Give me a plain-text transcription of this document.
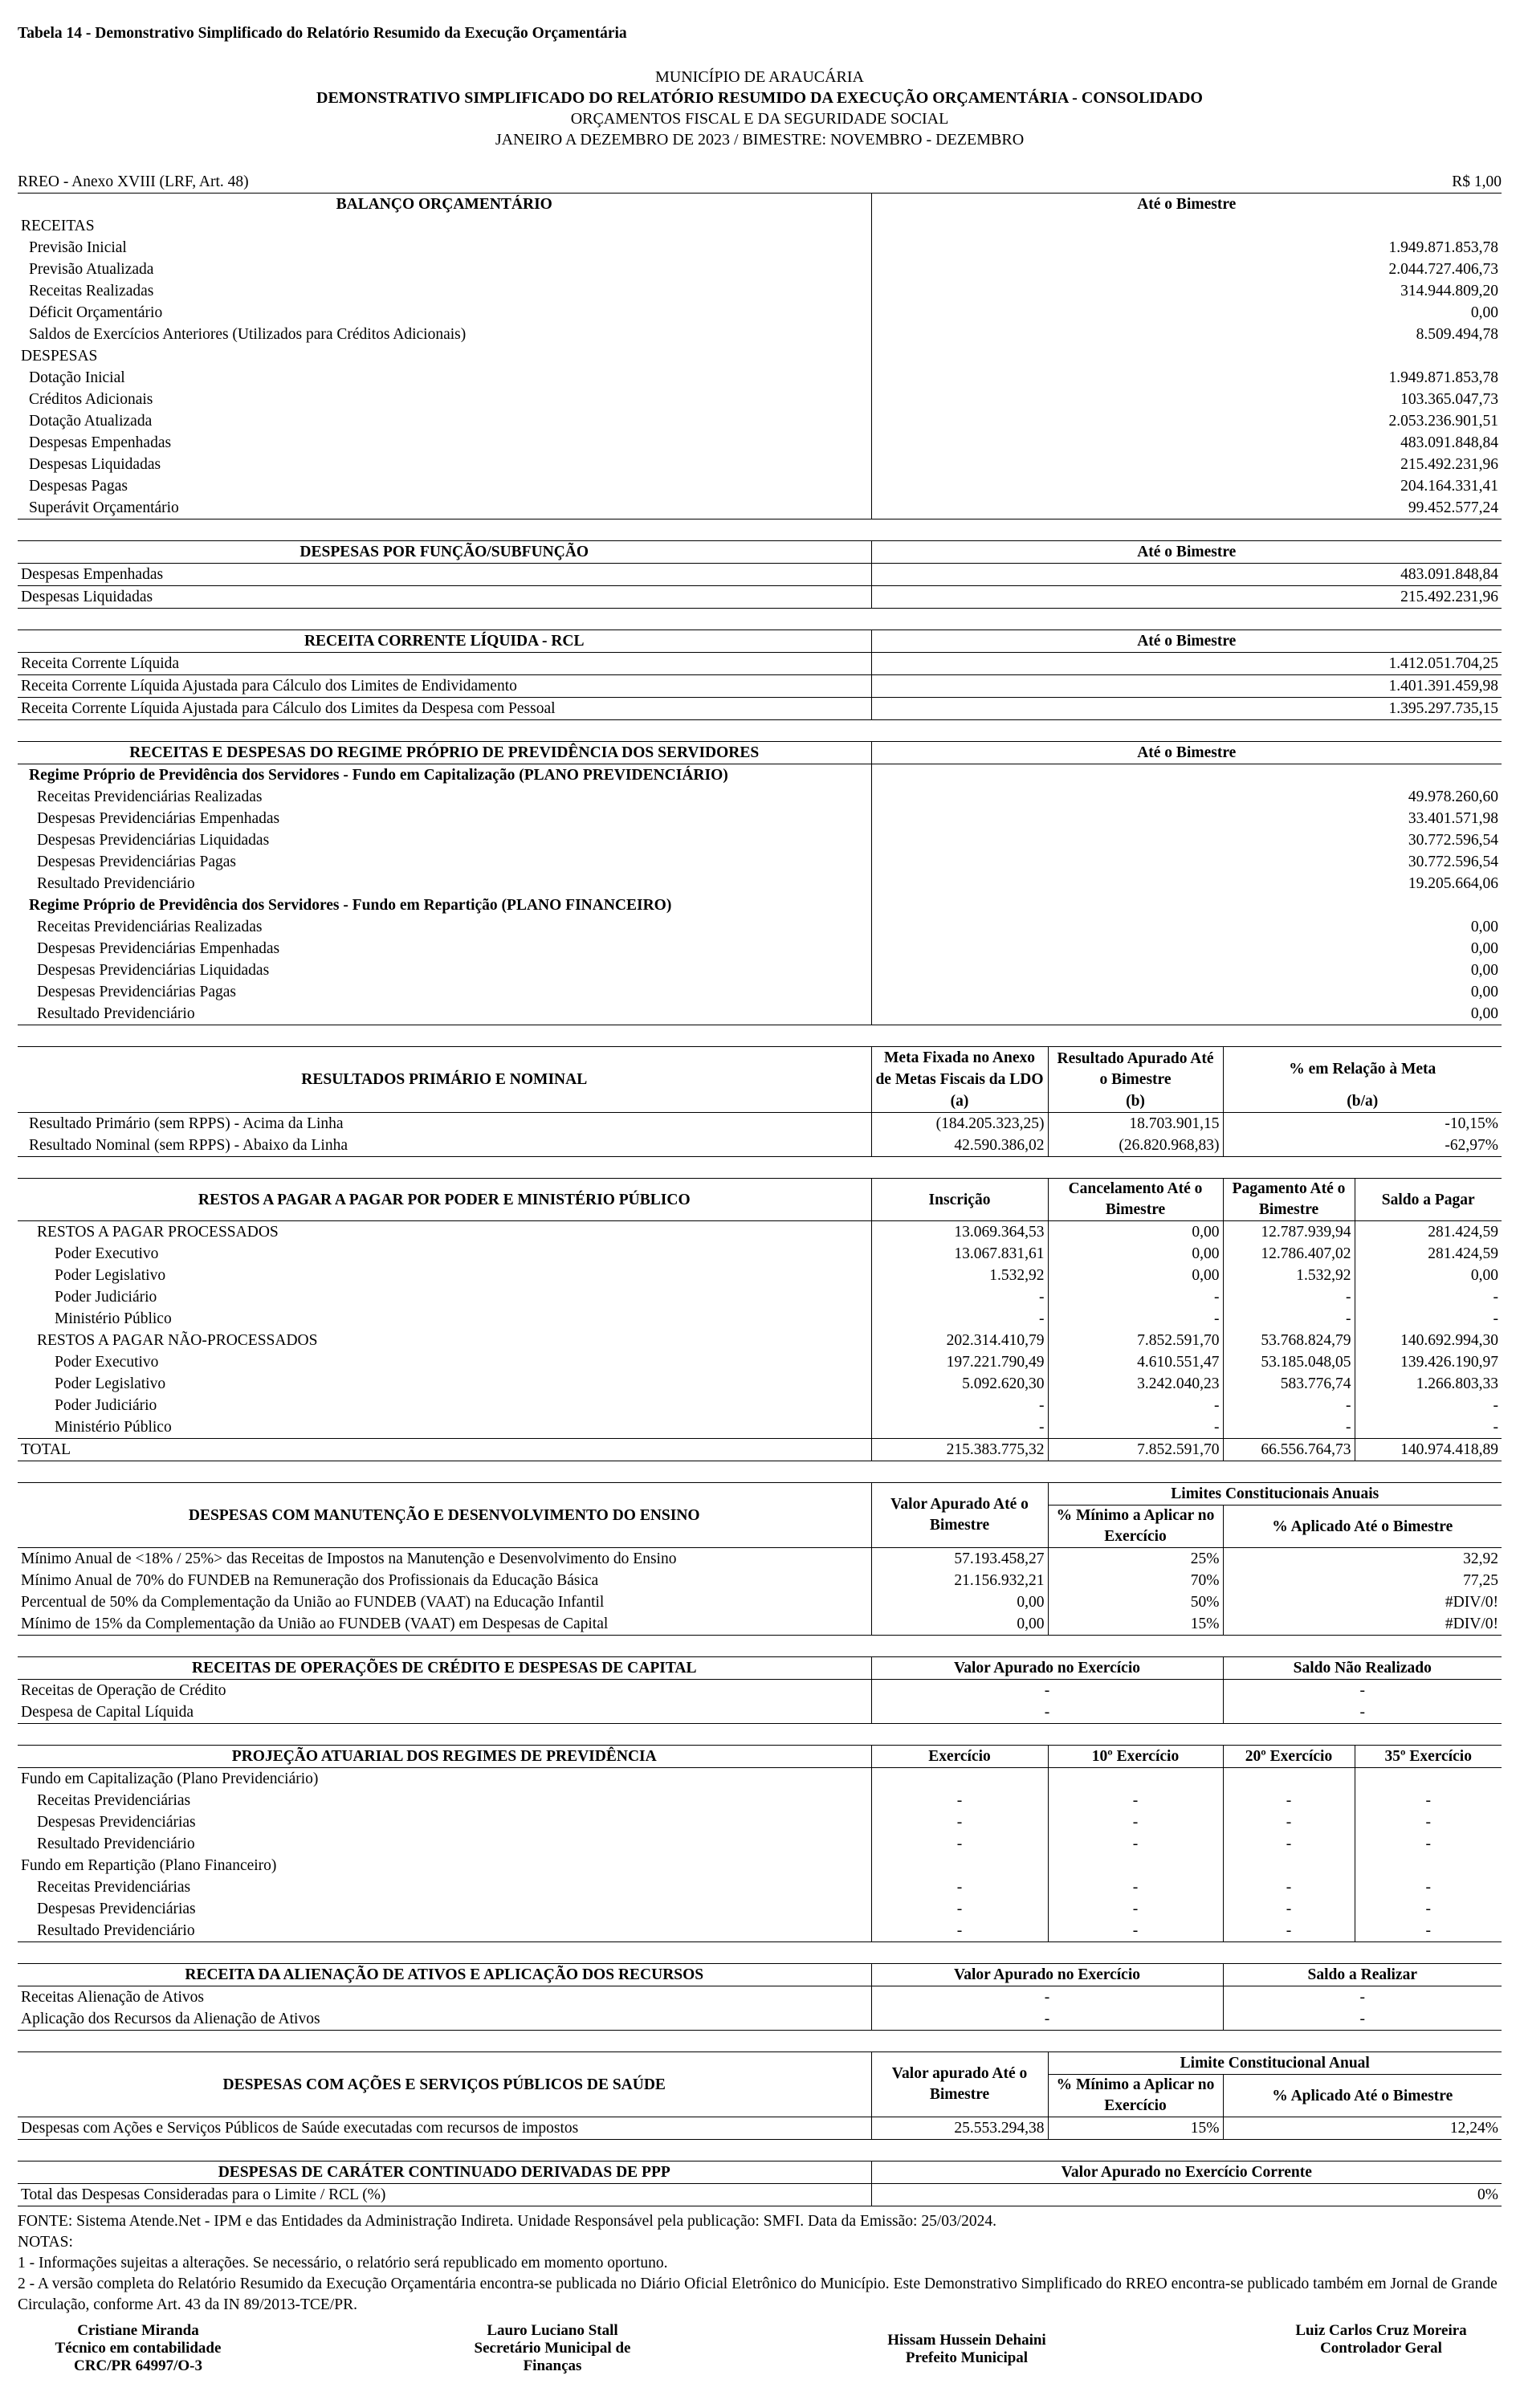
Tabela 14 - Demonstrativo Simplificado do Relatório Resumido da Execução Orçamentária
MUNICÍPIO DE ARAUCÁRIA
DEMONSTRATIVO SIMPLIFICADO DO RELATÓRIO RESUMIDO DA EXECUÇÃO ORÇAMENTÁRIA - CONSOLIDADO
ORÇAMENTOS FISCAL E DA SEGURIDADE SOCIAL
JANEIRO A DEZEMBRO DE 2023 / BIMESTRE: NOVEMBRO - DEZEMBRO
RREO - Anexo XVIII (LRF, Art. 48)	R$ 1,00
BALANÇO ORÇAMENTÁRIO	Até o Bimestre
RECEITAS	
Previsão Inicial	1.949.871.853,78
Previsão Atualizada	2.044.727.406,73
Receitas Realizadas	314.944.809,20
Déficit Orçamentário	0,00
Saldos de Exercícios Anteriores (Utilizados para Créditos Adicionais)	8.509.494,78
DESPESAS	
Dotação Inicial	1.949.871.853,78
Créditos Adicionais	103.365.047,73
Dotação Atualizada	2.053.236.901,51
Despesas Empenhadas	483.091.848,84
Despesas Liquidadas	215.492.231,96
Despesas Pagas	204.164.331,41
Superávit Orçamentário	99.452.577,24
DESPESAS POR FUNÇÃO/SUBFUNÇÃO	Até o Bimestre
Despesas Empenhadas	483.091.848,84
Despesas Liquidadas	215.492.231,96
RECEITA CORRENTE LÍQUIDA - RCL	Até o Bimestre
Receita Corrente Líquida	1.412.051.704,25
Receita Corrente Líquida Ajustada para Cálculo dos Limites de Endividamento	1.401.391.459,98
Receita Corrente Líquida Ajustada para Cálculo dos Limites da Despesa com Pessoal	1.395.297.735,15
RECEITAS E DESPESAS DO REGIME PRÓPRIO DE PREVIDÊNCIA DOS SERVIDORES	Até o Bimestre
Regime Próprio de Previdência dos Servidores - Fundo em Capitalização (PLANO PREVIDENCIÁRIO)	
Receitas Previdenciárias Realizadas	49.978.260,60
Despesas Previdenciárias Empenhadas	33.401.571,98
Despesas Previdenciárias Liquidadas	30.772.596,54
Despesas Previdenciárias Pagas	30.772.596,54
Resultado Previdenciário	19.205.664,06
Regime Próprio de Previdência dos Servidores - Fundo em Repartição (PLANO FINANCEIRO)	
Receitas Previdenciárias Realizadas	0,00
Despesas Previdenciárias Empenhadas	0,00
Despesas Previdenciárias Liquidadas	0,00
Despesas Previdenciárias Pagas	0,00
Resultado Previdenciário	0,00
RESULTADOS PRIMÁRIO E NOMINAL	Meta Fixada no Anexo de Metas Fiscais da LDO	Resultado Apurado Até o Bimestre	% em Relação à Meta
	(a)	(b)	(b/a)
Resultado Primário (sem RPPS) - Acima da Linha	(184.205.323,25)	18.703.901,15	-10,15%
Resultado Nominal (sem RPPS) - Abaixo da Linha	42.590.386,02	(26.820.968,83)	-62,97%
RESTOS A PAGAR A PAGAR POR PODER E MINISTÉRIO PÚBLICO	Inscrição	Cancelamento Até o Bimestre	Pagamento Até o Bimestre	Saldo a Pagar
RESTOS A PAGAR PROCESSADOS	13.069.364,53	0,00	12.787.939,94	281.424,59
Poder Executivo	13.067.831,61	0,00	12.786.407,02	281.424,59
Poder Legislativo	1.532,92	0,00	1.532,92	0,00
Poder Judiciário	-	-	-	-
Ministério Público	-	-	-	-
RESTOS A PAGAR NÃO-PROCESSADOS	202.314.410,79	7.852.591,70	53.768.824,79	140.692.994,30
Poder Executivo	197.221.790,49	4.610.551,47	53.185.048,05	139.426.190,97
Poder Legislativo	5.092.620,30	3.242.040,23	583.776,74	1.266.803,33
Poder Judiciário	-	-	-	-
Ministério Público	-	-	-	-
TOTAL	215.383.775,32	7.852.591,70	66.556.764,73	140.974.418,89
DESPESAS COM MANUTENÇÃO E DESENVOLVIMENTO DO ENSINO	Valor Apurado Até o Bimestre	Limites Constitucionais Anuais	
		% Mínimo a Aplicar no Exercício	% Aplicado Até o Bimestre
Mínimo Anual de <18% / 25%> das Receitas de Impostos na Manutenção e Desenvolvimento do Ensino	57.193.458,27	25%	32,92
Mínimo Anual de 70% do FUNDEB na Remuneração dos Profissionais da Educação Básica	21.156.932,21	70%	77,25
Percentual de 50% da Complementação da União ao FUNDEB (VAAT) na Educação Infantil	0,00	50%	#DIV/0!
Mínimo de 15% da Complementação da União ao FUNDEB (VAAT) em Despesas de Capital	0,00	15%	#DIV/0!
RECEITAS DE OPERAÇÕES DE CRÉDITO E DESPESAS DE CAPITAL	Valor Apurado no Exercício	Saldo Não Realizado
Receitas de Operação de Crédito	-	-
Despesa de Capital Líquida	-	-
PROJEÇÃO ATUARIAL DOS REGIMES DE PREVIDÊNCIA	Exercício	10º Exercício	20º Exercício	35º Exercício
Fundo em Capitalização (Plano Previdenciário)				
Receitas Previdenciárias	-	-	-	-
Despesas Previdenciárias	-	-	-	-
Resultado Previdenciário	-	-	-	-
Fundo em Repartição (Plano Financeiro)				
Receitas Previdenciárias	-	-	-	-
Despesas Previdenciárias	-	-	-	-
Resultado Previdenciário	-	-	-	-
RECEITA DA ALIENAÇÃO DE ATIVOS E APLICAÇÃO DOS RECURSOS	Valor Apurado no Exercício	Saldo a Realizar
Receitas Alienação de Ativos	-	-
Aplicação dos Recursos da Alienação de Ativos	-	-
DESPESAS COM AÇÕES E SERVIÇOS PÚBLICOS DE SAÚDE	Valor apurado Até o Bimestre	Limite Constitucional Anual	
		% Mínimo a Aplicar no Exercício	% Aplicado Até o Bimestre
Despesas com Ações e Serviços Públicos de Saúde executadas com recursos de impostos	25.553.294,38	15%	12,24%
DESPESAS DE CARÁTER CONTINUADO DERIVADAS DE PPP	Valor Apurado no Exercício Corrente
Total das Despesas Consideradas para o Limite / RCL (%)	0%
FONTE: Sistema Atende.Net - IPM e das Entidades da Administração Indireta. Unidade Responsável pela publicação: SMFI. Data da Emissão: 25/03/2024.
NOTAS:
1 - Informações sujeitas a alterações. Se necessário, o relatório será republicado em momento oportuno.
2 - A versão completa do Relatório Resumido da Execução Orçamentária encontra-se publicada no Diário Oficial Eletrônico do Município. Este Demonstrativo Simplificado do RREO encontra-se publicado também em Jornal de Grande Circulação, conforme Art. 43 da IN 89/2013-TCE/PR.
Cristiane Miranda
Técnico em contabilidade
CRC/PR 64997/O-3
Lauro Luciano Stall
Secretário Municipal de
Finanças
Hissam Hussein Dehaini
Prefeito Municipal
Luiz Carlos Cruz Moreira
Controlador Geral
